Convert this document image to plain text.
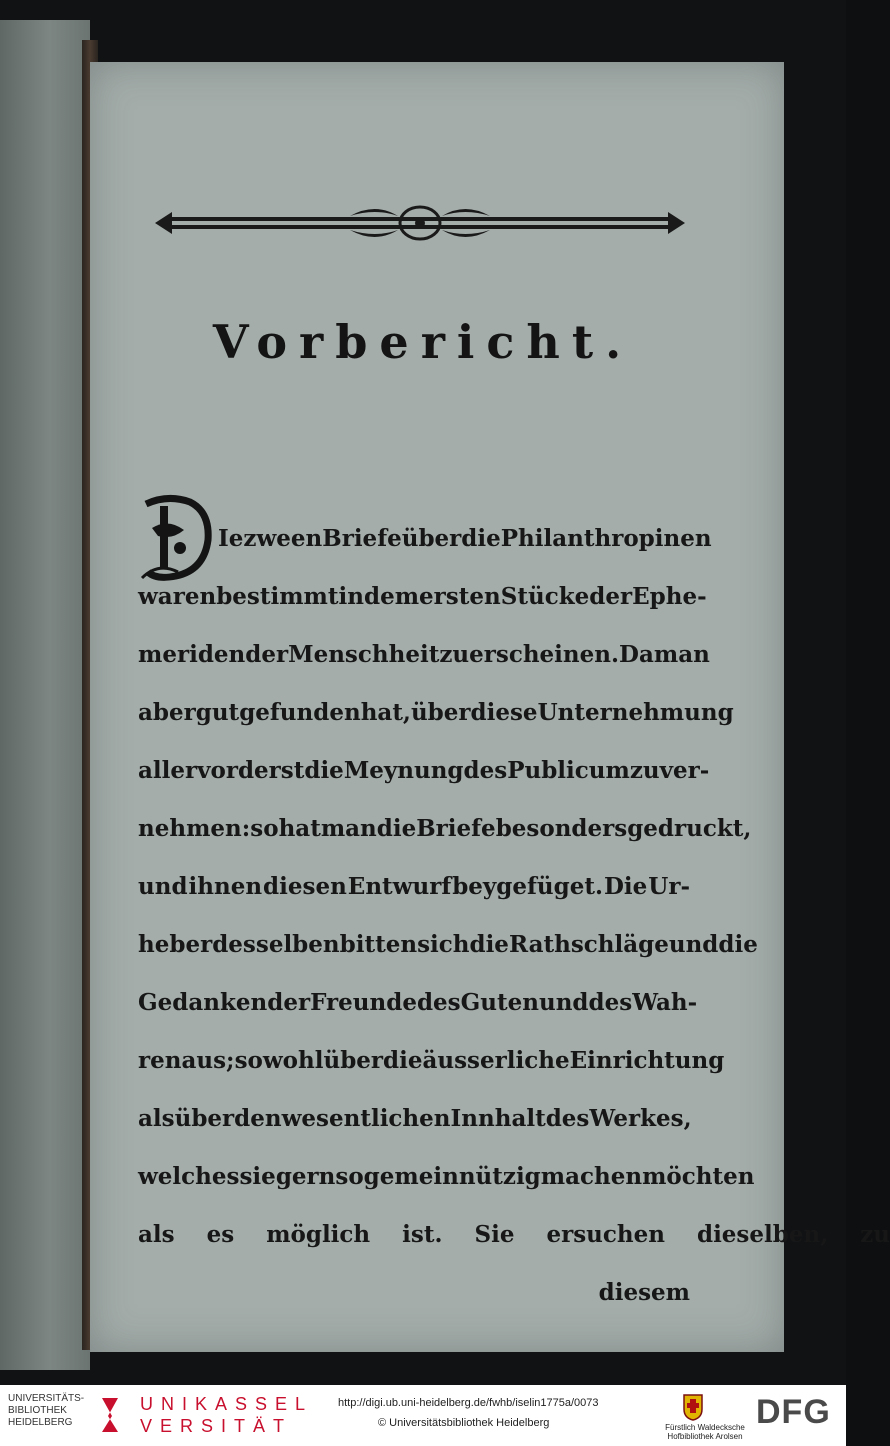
Vorbericht.
Ie zween Briefe über die Philanthropinen
waren bestimmt in dem ersten Stücke der Ephe-
meriden der Menschheit zu erscheinen. Da man
aber gut gefunden hat, über diese Unternehmung
allervorderst die Meynung des Publicum zu ver-
nehmen: so hat man die Briefe besonders gedruckt,
und ihnen diesen Entwurf beygefüget. Die Ur-
heber desselben bitten sich die Rathschläge und die
Gedanken der Freunde des Guten und des Wah-
ren aus; so wohl über die äusserliche Einrichtung
als über den wesentlichen Innhalt des Werkes,
welches sie gern so gemeinnützig machen möchten
als es möglich ist. Sie ersuchen dieselben, zu
diesem
UNIVERSITÄTS-
BIBLIOTHEK
HEIDELBERG
UNIKASSEL
VERSITÄT
http://digi.ub.uni-heidelberg.de/fwhb/iselin1775a/0073
© Universitätsbibliothek Heidelberg	Fürstlich Waldecksche
Hofbibliothek Arolsen
DFG
